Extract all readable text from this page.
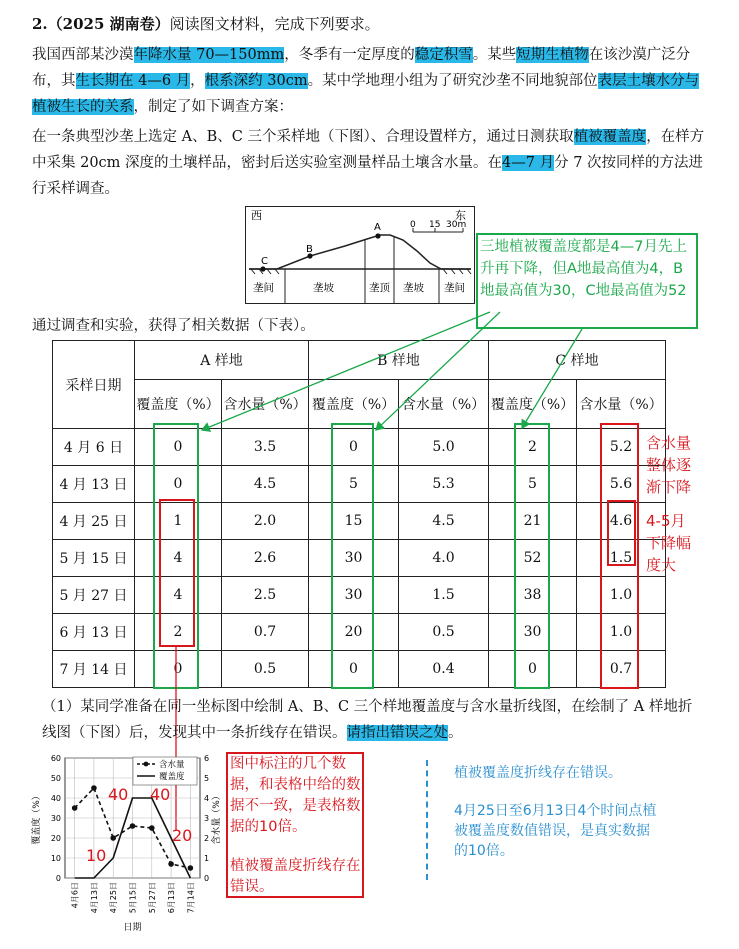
2.（2025 湖南卷）阅读图文材料，完成下列要求。
我国西部某沙漠年降水量 70—150mm，冬季有一定厚度的稳定积雪。某些短期生植物在该沙漠广泛分布，其生长期在 4—6 月，根系深约 30cm。某中学地理小组为了研究沙垄不同地貌部位表层土壤水分与植被生长的关系，制定了如下调查方案：
在一条典型沙垄上选定 A、B、C 三个采样地（下图）、合理设置样方，通过日测获取植被覆盖度，在样方中采集 20cm 深度的土壤样品，密封后送实验室测量样品土壤含水量。在4—7 月分 7 次按同样的方法进行采样调查。
西	东
0 15 30m
C
B
A
垄间	垄坡	垄顶 垄坡 垄间
三地植被覆盖度都是4—7月先上升再下降，但A地最高值为4，B地最高值为30，C地最高值为52
通过调查和实验，获得了相关数据（下表）。
采样日期	A 样地		B 样地		C 样地	
	覆盖度（%）	含水量（%）	覆盖度（%）	含水量（%）	覆盖度（%）	含水量（%）
4 月 6 日	0	3.5	0	5.0	2	5.2
4 月 13 日	0	4.5	5	5.3	5	5.6
4 月 25 日	1	2.0	15	4.5	21	4.6
5 月 15 日	4	2.6	30	4.0	52	1.5
5 月 27 日	4	2.5	30	1.5	38	1.0
6 月 13 日	2	0.7	20	0.5	30	1.0
7 月 14 日	0	0.5	0	0.4	0	0.7
含水量整体逐渐下降
4-5月下降幅度大
（1）某同学准备在同一坐标图中绘制 A、B、C 三个样地覆盖度与含水量折线图，在绘制了 A 样地折线图（下图）后，发现其中一条折线存在错误。请指出错误之处。
0
10
20
30
40
50
60
0
1
2
3
4
5
6
4月6日 4月13日 4月25日 5月15日 5月27日 6月13日 7月14日
含水量
覆盖度
覆盖度（%）	含水量（%）
日期
40 40
20
10
图中标注的几个数据，和表格中给的数据不一致，是表格数据的10倍。
植被覆盖度折线存在错误。
植被覆盖度折线存在错误。
4月25日至6月13日4个时间点植被覆盖度数值错误，是真实数据的10倍。
